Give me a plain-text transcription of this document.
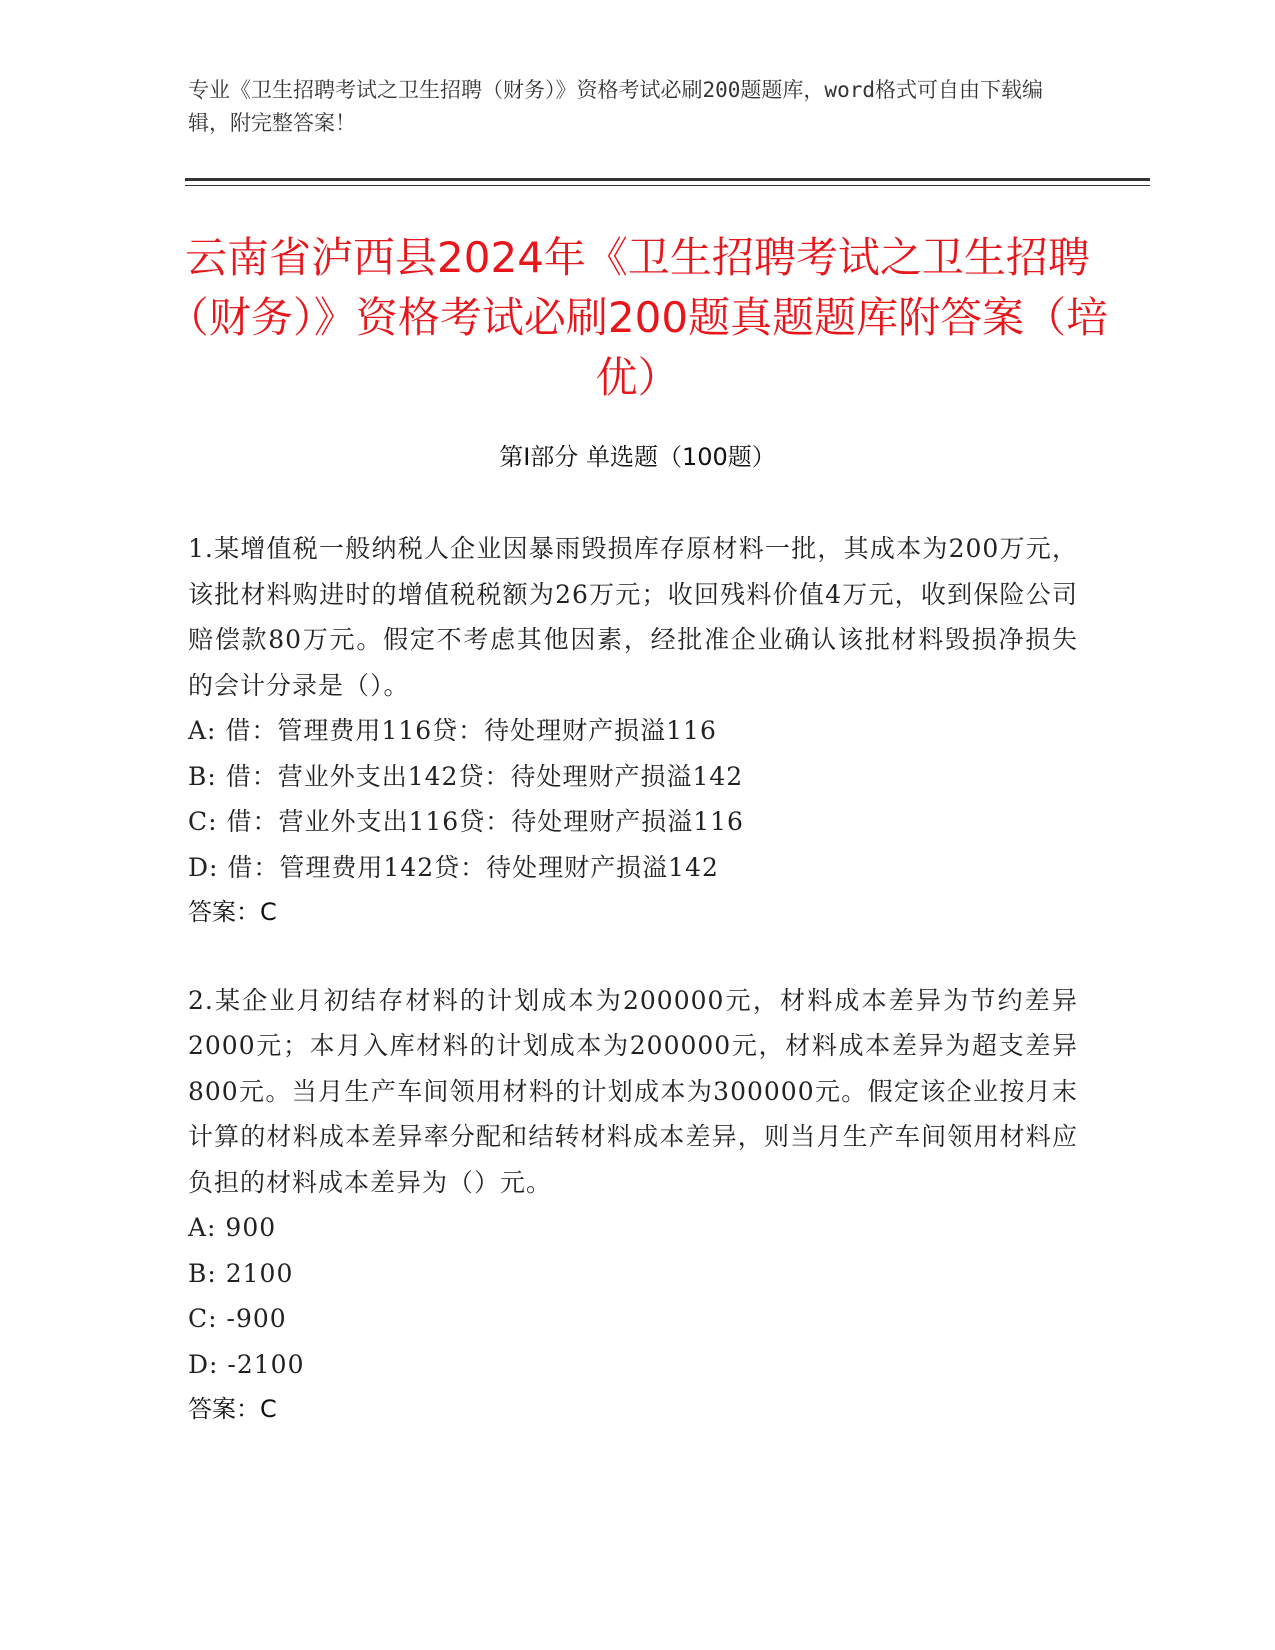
专业《卫生招聘考试之卫生招聘（财务）》资格考试必刷200题题库，word格式可自由下载编辑，附完整答案！
云南省泸西县2024年《卫生招聘考试之卫生招聘（财务）》资格考试必刷200题真题题库附答案（培优）
第I部分 单选题（100题）
1.某增值税一般纳税人企业因暴雨毁损库存原材料一批，其成本为200万元，该批材料购进时的增值税税额为26万元；收回残料价值4万元，收到保险公司赔偿款80万元。假定不考虑其他因素，经批准企业确认该批材料毁损净损失的会计分录是（）。
A: 借：管理费用116贷：待处理财产损溢116
B: 借：营业外支出142贷：待处理财产损溢142
C: 借：营业外支出116贷：待处理财产损溢116
D: 借：管理费用142贷：待处理财产损溢142
答案：C
2.某企业月初结存材料的计划成本为200000元，材料成本差异为节约差异2000元；本月入库材料的计划成本为200000元，材料成本差异为超支差异800元。当月生产车间领用材料的计划成本为300000元。假定该企业按月末计算的材料成本差异率分配和结转材料成本差异，则当月生产车间领用材料应负担的材料成本差异为（）元。
A: 900
B: 2100
C: -900
D: -2100
答案：C
